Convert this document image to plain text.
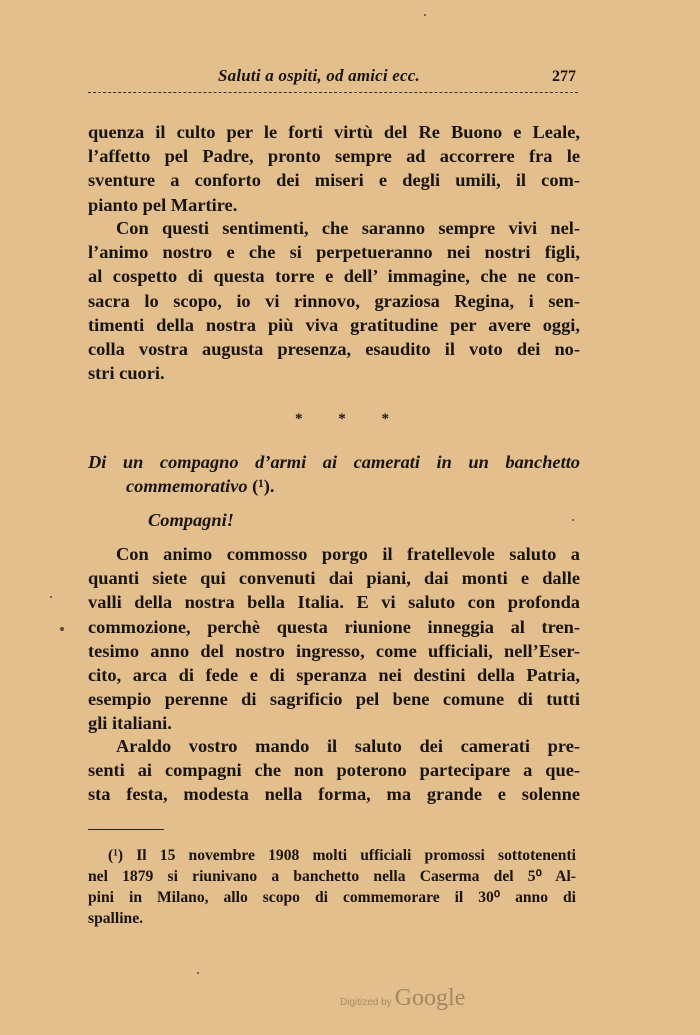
Saluti a ospiti, od amici ecc.	277
quenza il culto per le forti virtù del Re Buono e Leale,
l’affetto pel Padre, pronto sempre ad accorrere fra le
sventure a conforto dei miseri e degli umili, il com-
pianto pel Martire.
Con questi sentimenti, che saranno sempre vivi nel-
l’animo nostro e che si perpetueranno nei nostri figli,
al cospetto di questa torre e dell’ immagine, che ne con-
sacra lo scopo, io vi rinnovo, graziosa Regina, i sen-
timenti della nostra più viva gratitudine per avere oggi,
colla vostra augusta presenza, esaudito il voto dei no-
stri cuori.
* * *
Di un compagno d’armi ai camerati in un banchetto
commemorativo (¹).
Compagni!
Con animo commosso porgo il fratellevole saluto a
quanti siete qui convenuti dai piani, dai monti e dalle
valli della nostra bella Italia. E vi saluto con profonda
commozione, perchè questa riunione inneggia al tren-
tesimo anno del nostro ingresso, come ufficiali, nell’Eser-
cito, arca di fede e di speranza nei destini della Patria,
esempio perenne di sagrificio pel bene comune di tutti
gli italiani.
Araldo vostro mando il saluto dei camerati pre-
senti ai compagni che non poterono partecipare a que-
sta festa, modesta nella forma, ma grande e solenne
(¹) Il 15 novembre 1908 molti ufficiali promossi sottotenenti
nel 1879 si riunivano a banchetto nella Caserma del 5⁰ Al-
pini in Milano, allo scopo di commemorare il 30⁰ anno di
spalline.
Digitized by Google
